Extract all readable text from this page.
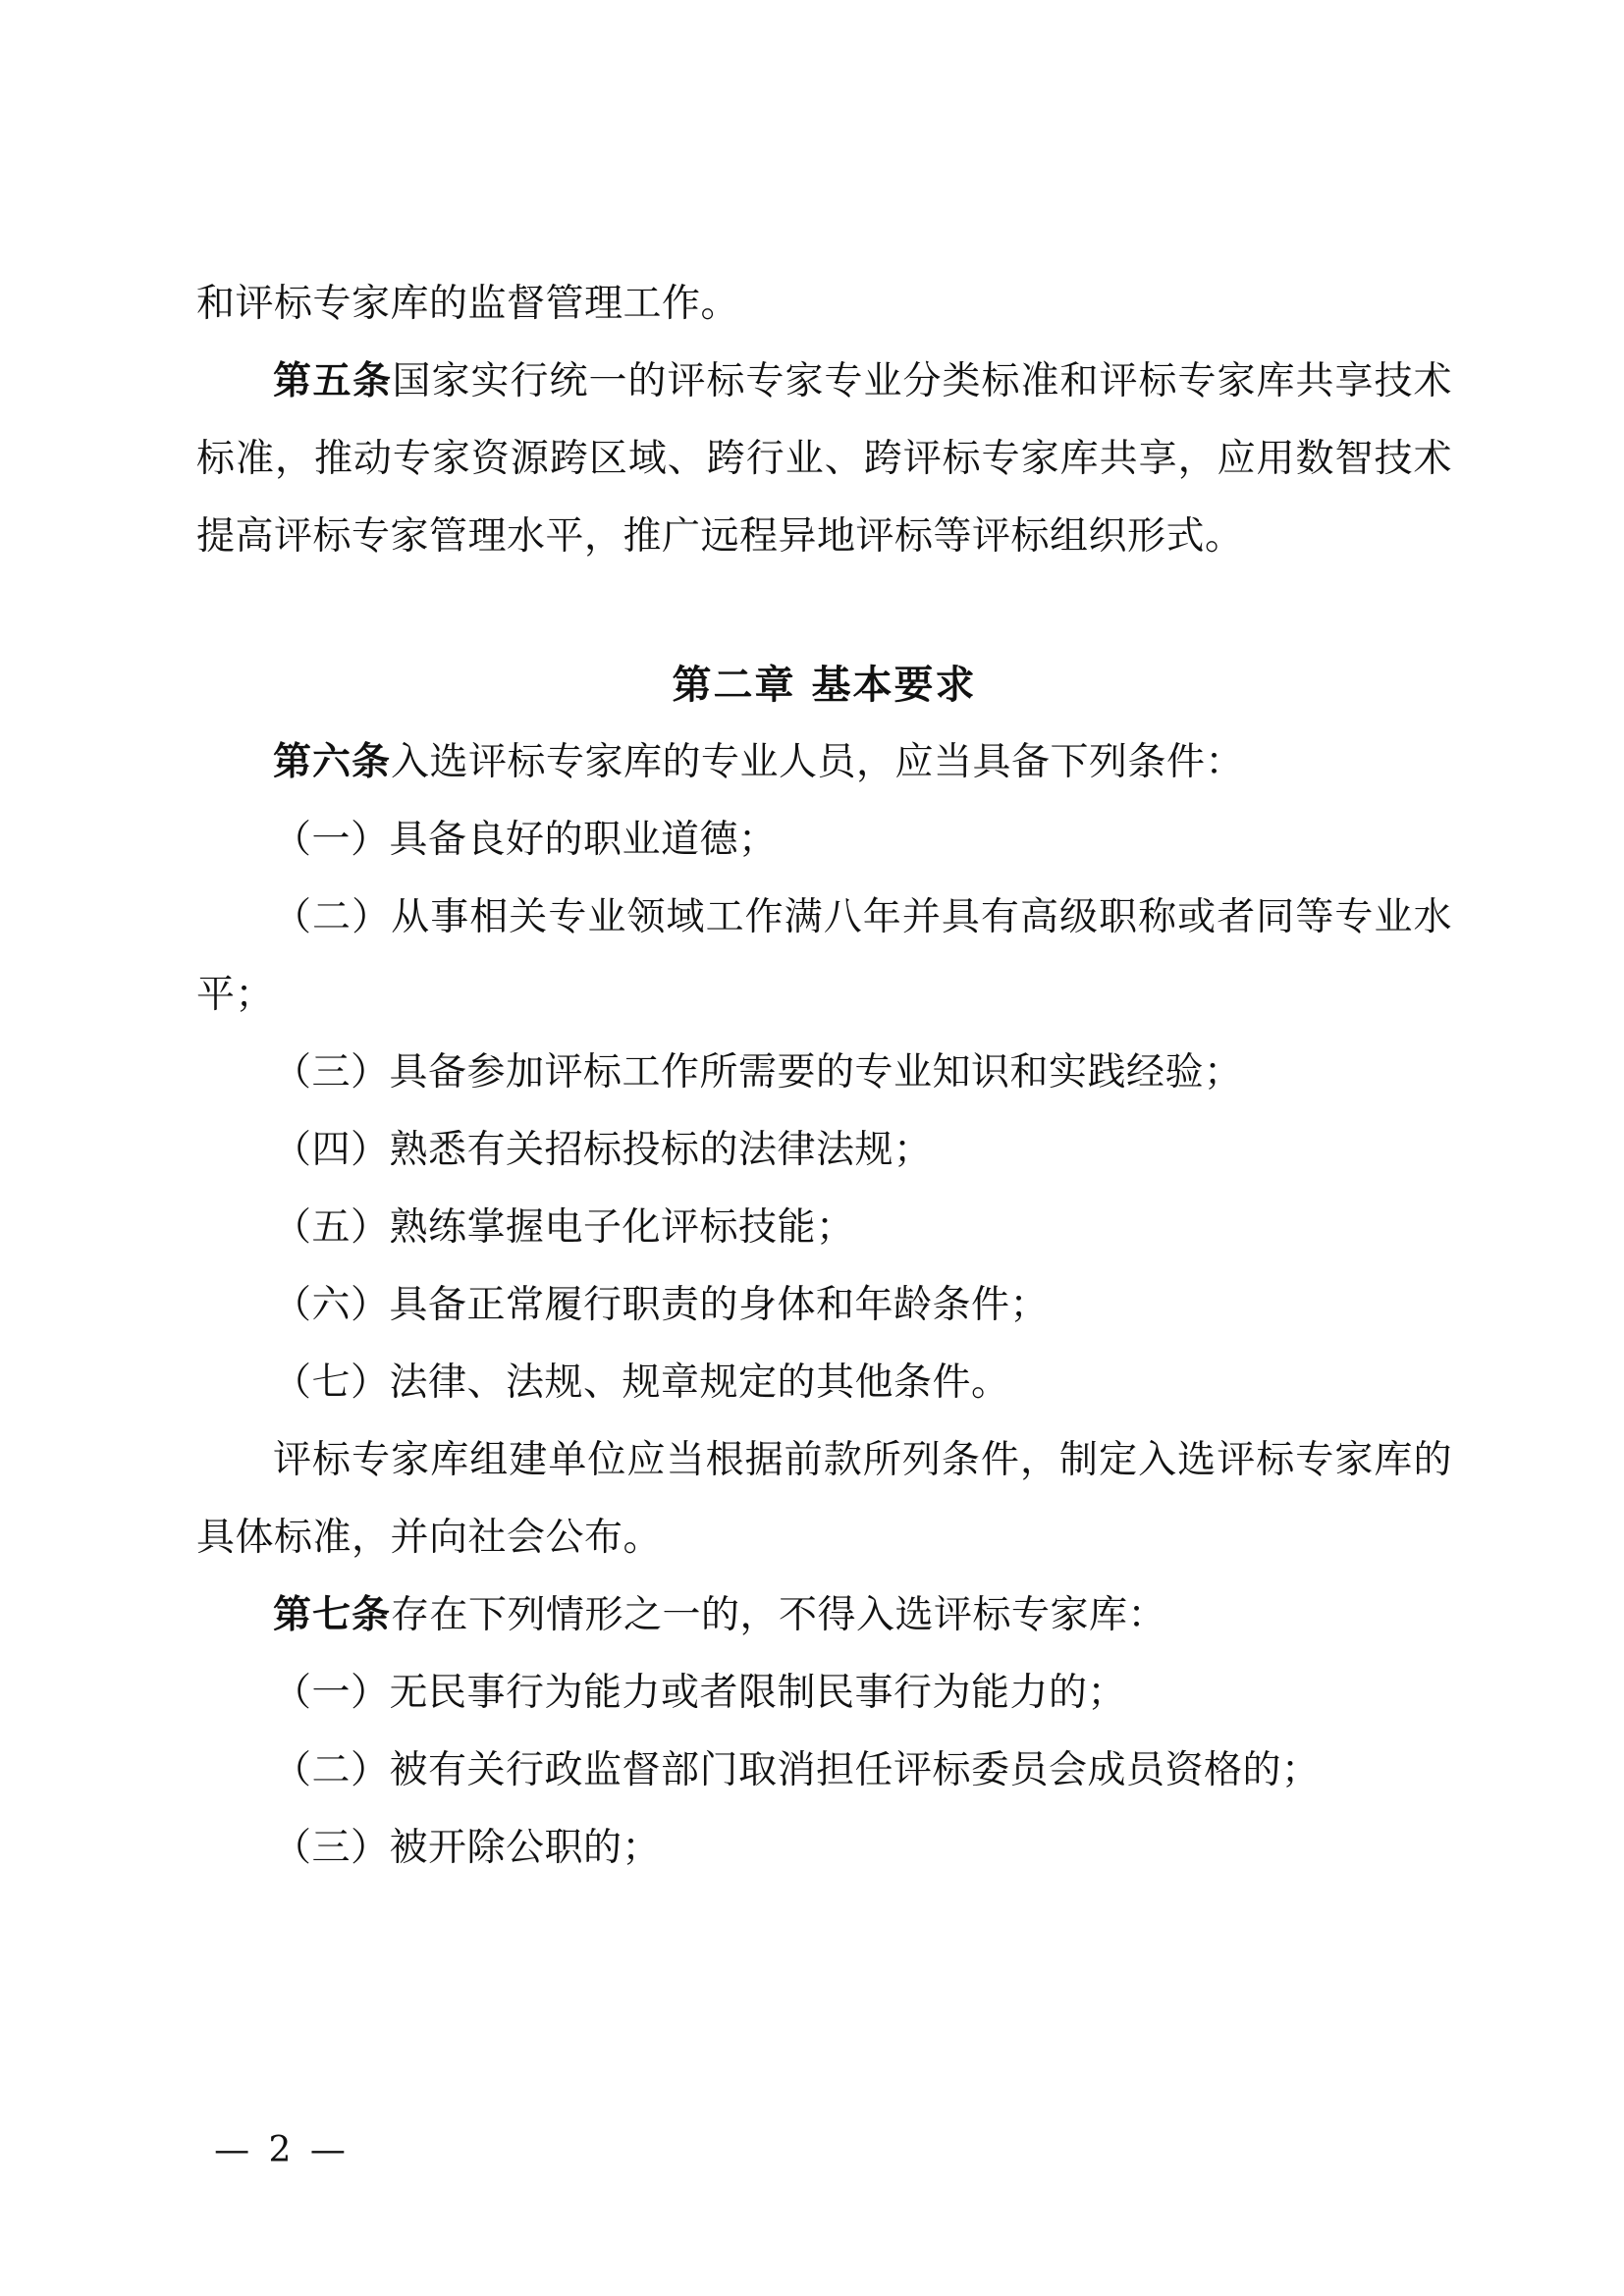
和评标专家库的监督管理工作。

第五条国家实行统一的评标专家专业分类标准和评标专家库共享技术标准，推动专家资源跨区域、跨行业、跨评标专家库共享，应用数智技术提高评标专家管理水平，推广远程异地评标等评标组织形式。

第二章 基本要求

第六条入选评标专家库的专业人员，应当具备下列条件：

（一）具备良好的职业道德；

（二）从事相关专业领域工作满八年并具有高级职称或者同等专业水平；

（三）具备参加评标工作所需要的专业知识和实践经验；

（四）熟悉有关招标投标的法律法规；

（五）熟练掌握电子化评标技能；

（六）具备正常履行职责的身体和年龄条件；

（七）法律、法规、规章规定的其他条件。

评标专家库组建单位应当根据前款所列条件，制定入选评标专家库的具体标准，并向社会公布。

第七条存在下列情形之一的，不得入选评标专家库：

（一）无民事行为能力或者限制民事行为能力的；

（二）被有关行政监督部门取消担任评标委员会成员资格的；

（三）被开除公职的；

— 2 —
